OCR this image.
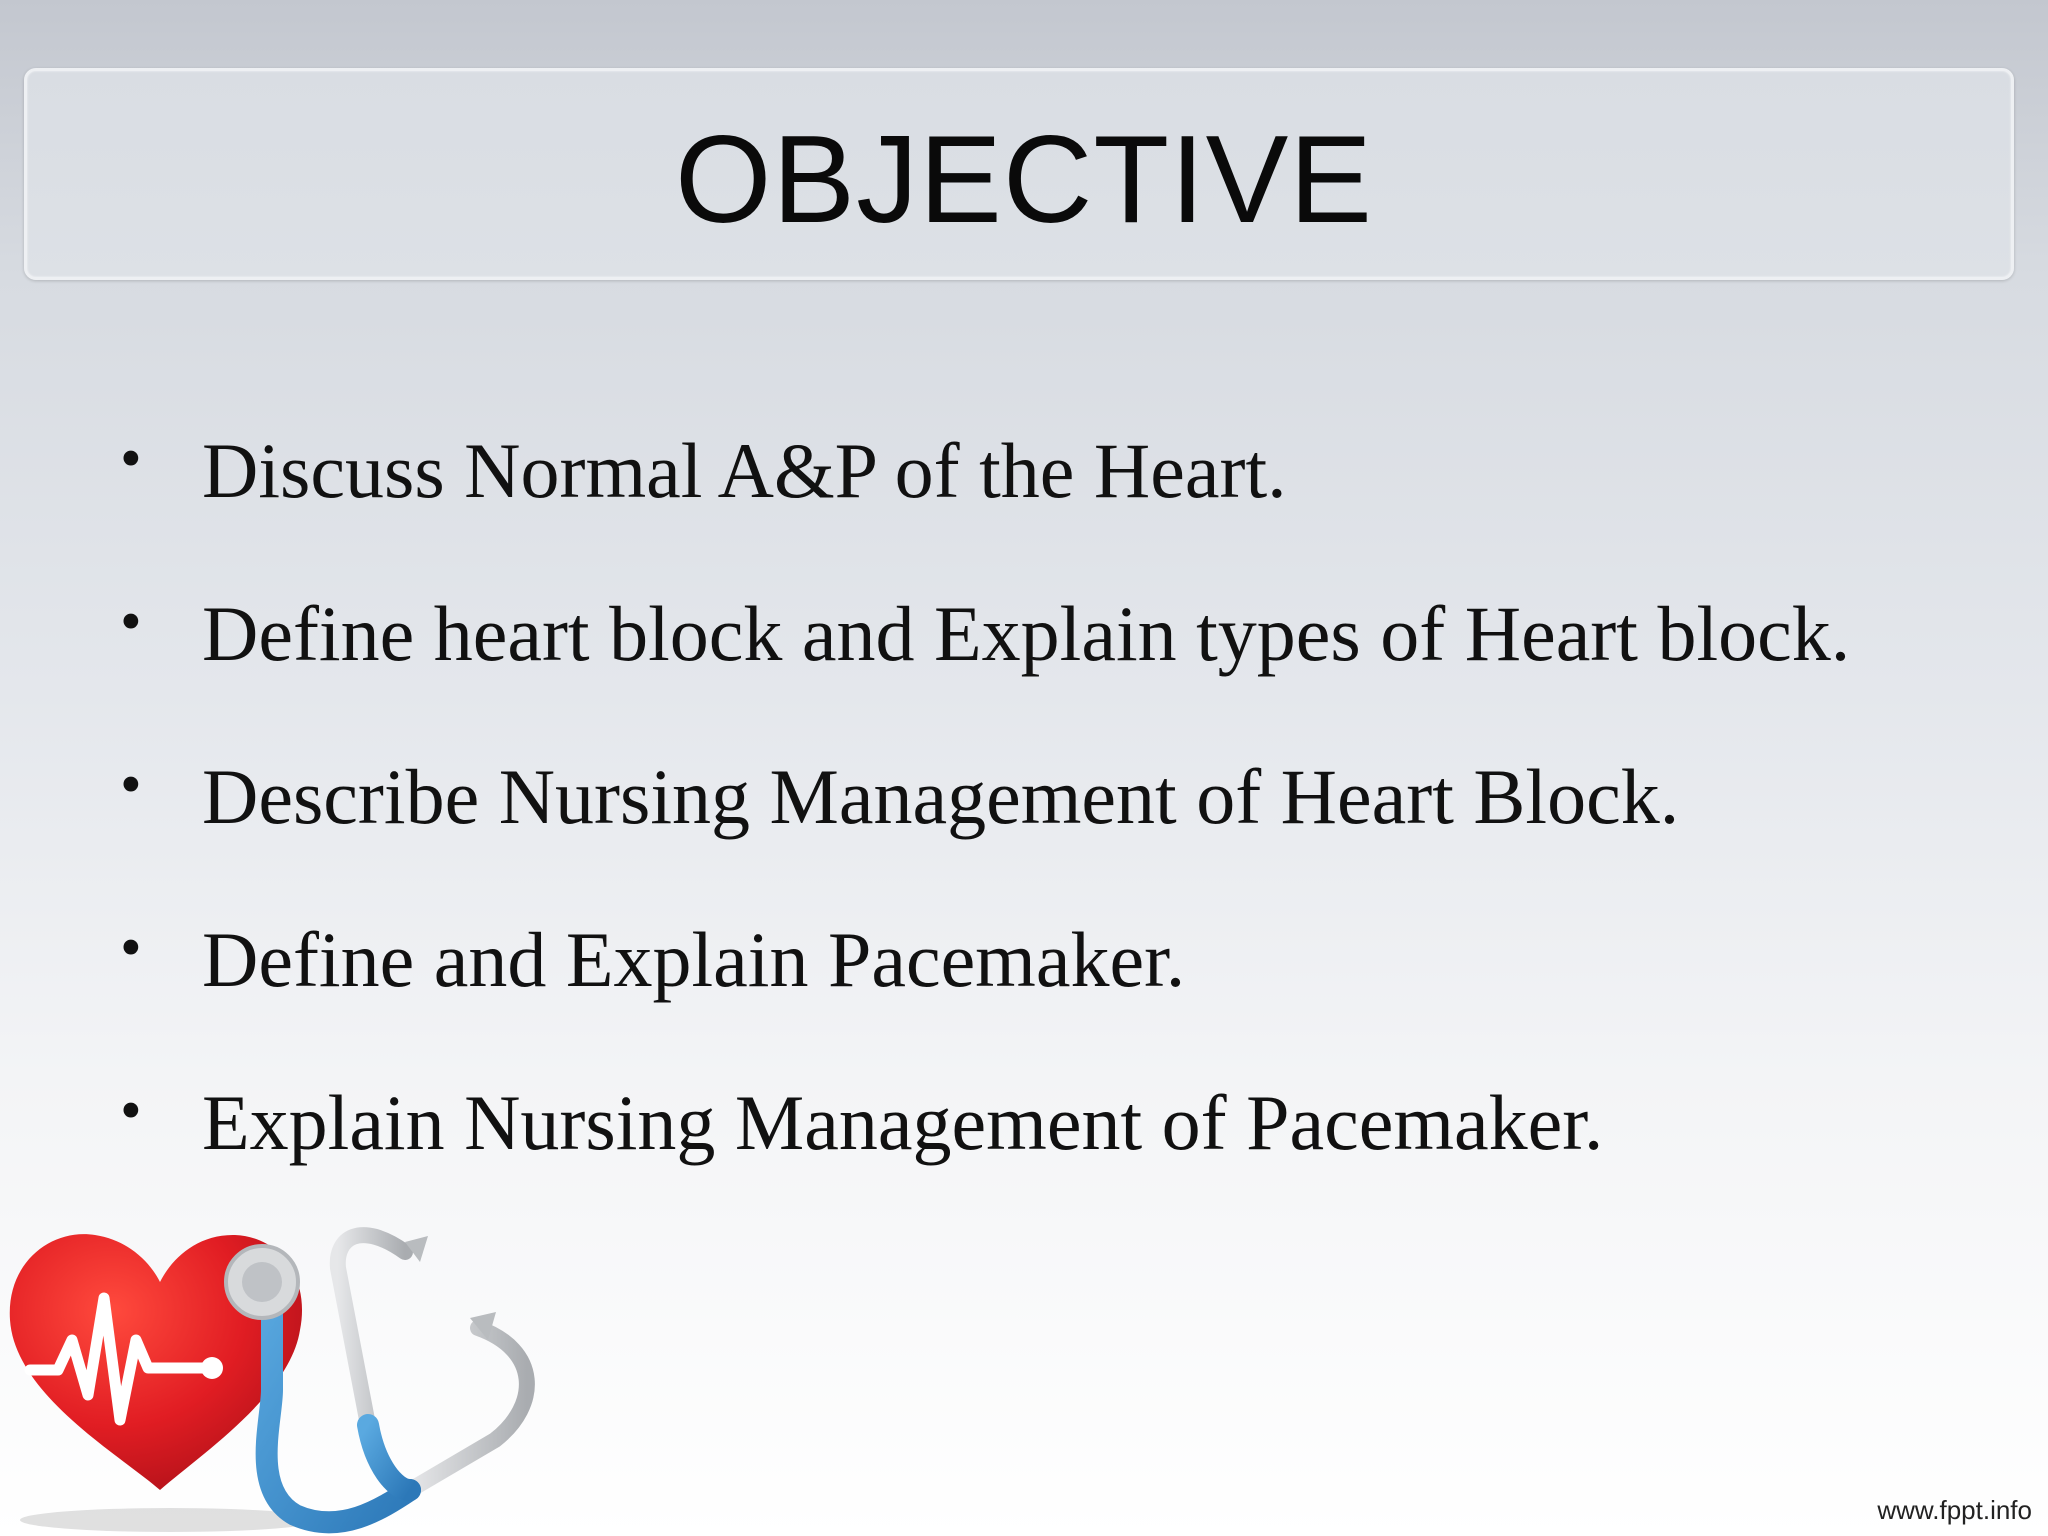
OBJECTIVE
• Discuss Normal A&P of the Heart.
• Define heart block and Explain types of Heart block.
• Describe Nursing Management of Heart Block.
• Define and Explain Pacemaker.
• Explain Nursing Management of Pacemaker.
www.fppt.info
